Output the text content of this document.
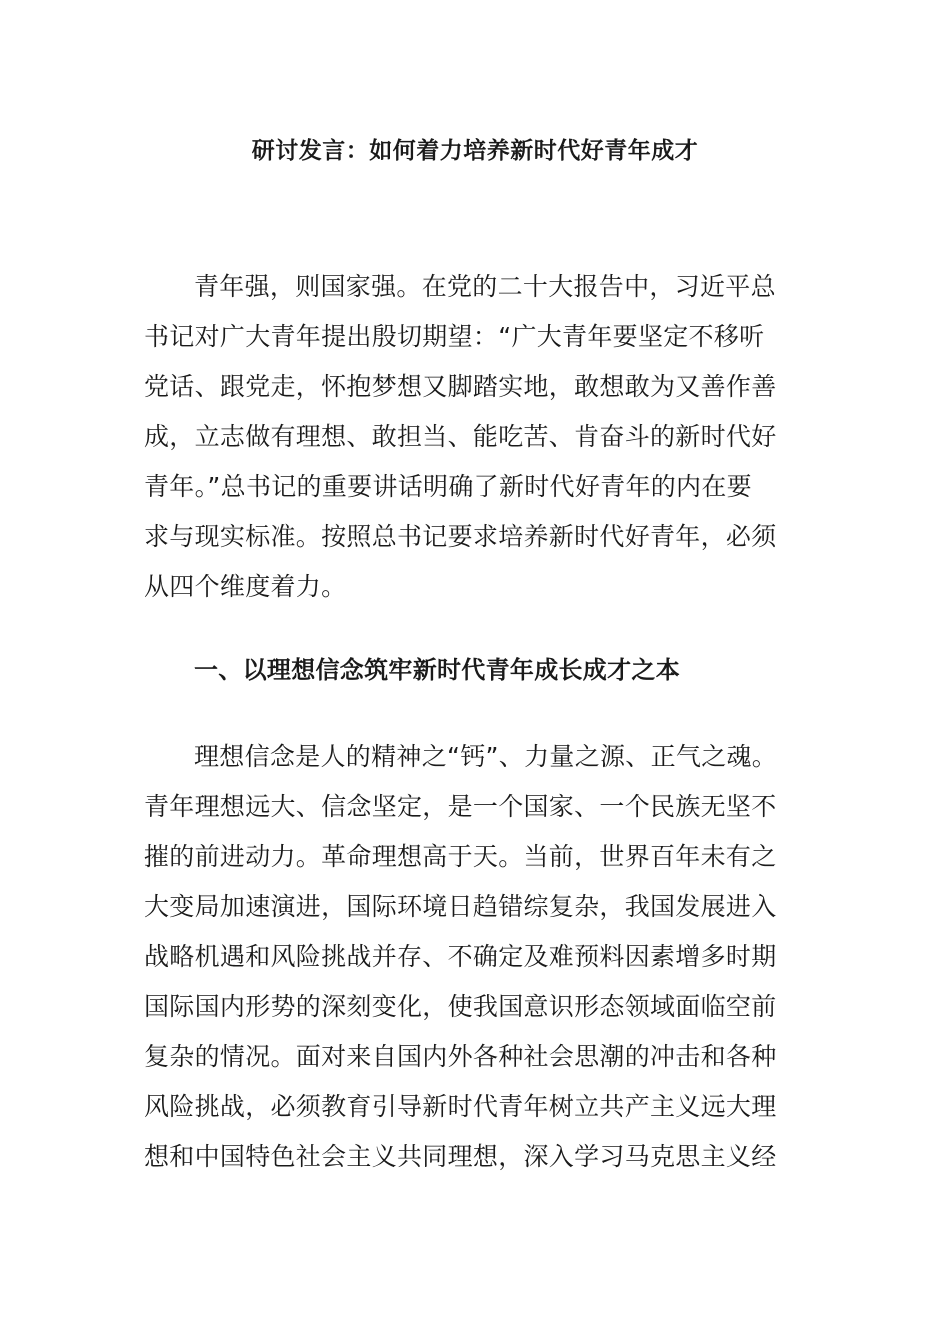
研讨发言：如何着力培养新时代好青年成才
青年强，则国家强。在党的二十大报告中，习近平总
书记对广大青年提出殷切期望：“广大青年要坚定不移听
党话、跟党走，怀抱梦想又脚踏实地，敢想敢为又善作善
成，立志做有理想、敢担当、能吃苦、肯奋斗的新时代好
青年。”总书记的重要讲话明确了新时代好青年的内在要
求与现实标准。按照总书记要求培养新时代好青年，必须
从四个维度着力。
一、以理想信念筑牢新时代青年成长成才之本
理想信念是人的精神之“钙”、力量之源、正气之魂。
青年理想远大、信念坚定，是一个国家、一个民族无坚不
摧的前进动力。革命理想高于天。当前，世界百年未有之
大变局加速演进，国际环境日趋错综复杂，我国发展进入
战略机遇和风险挑战并存、不确定及难预料因素增多时期
国际国内形势的深刻变化，使我国意识形态领域面临空前
复杂的情况。面对来自国内外各种社会思潮的冲击和各种
风险挑战，必须教育引导新时代青年树立共产主义远大理
想和中国特色社会主义共同理想，深入学习马克思主义经
